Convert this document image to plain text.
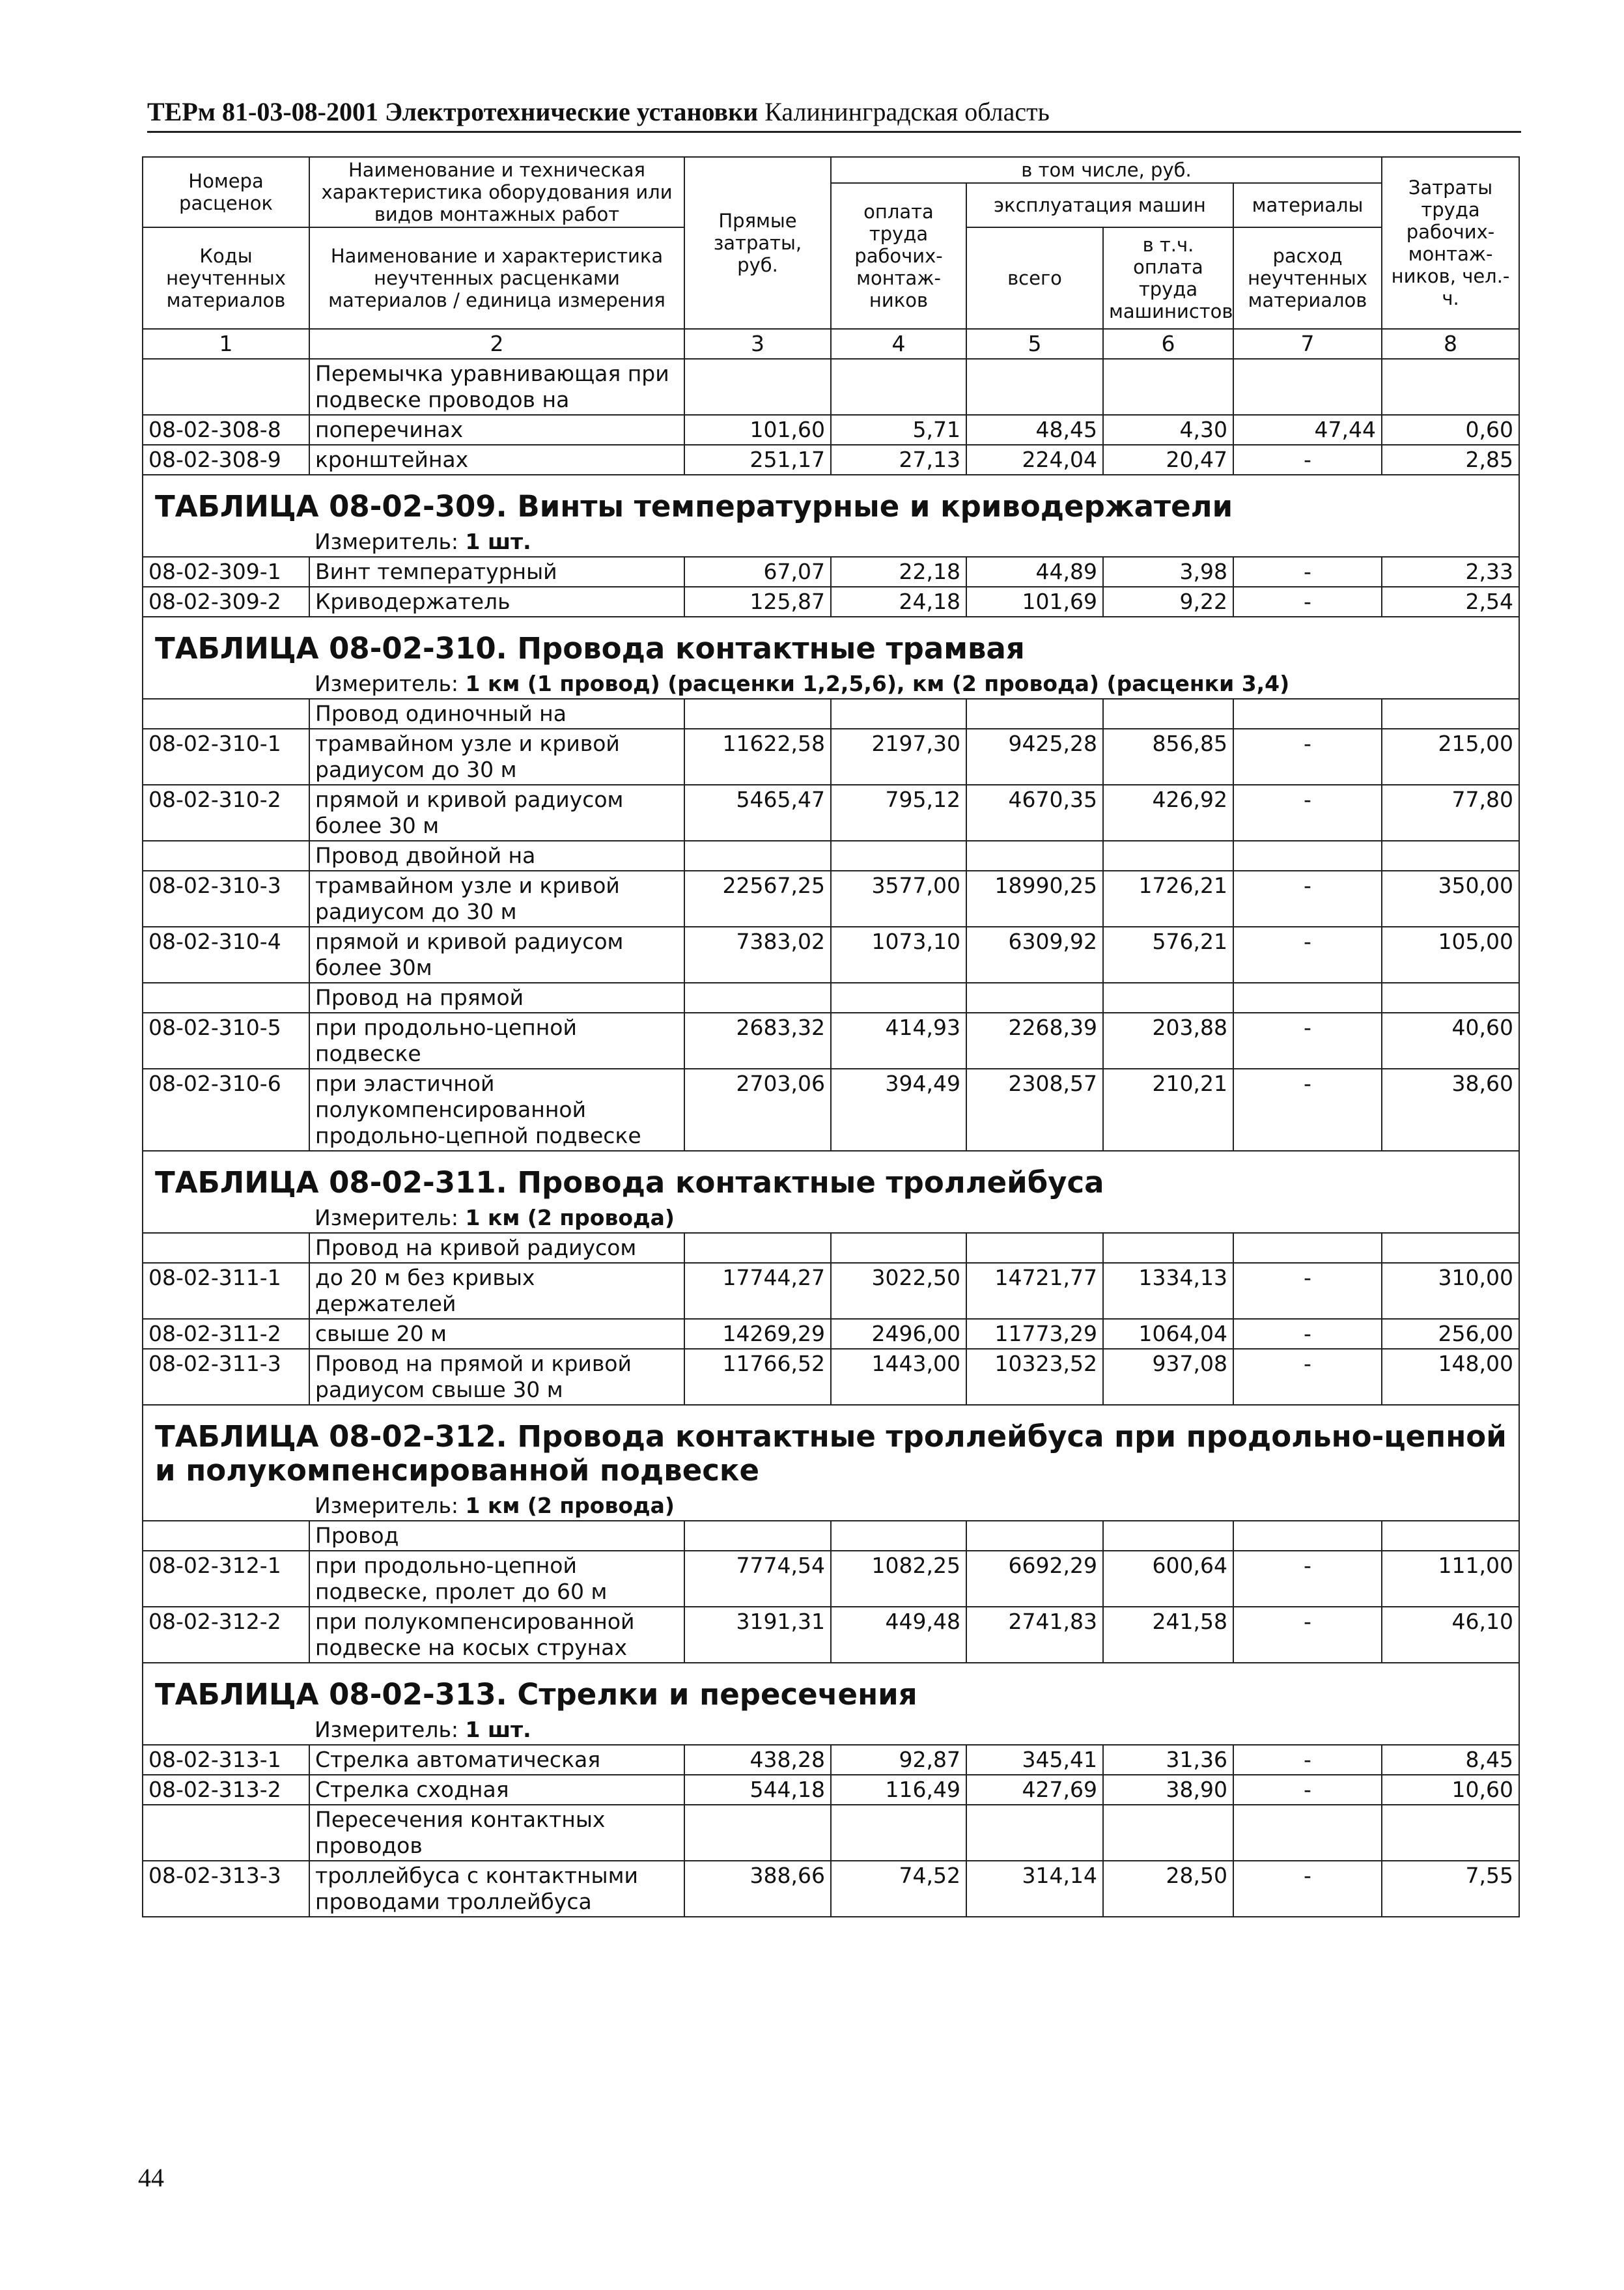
ТЕРм 81-03-08-2001 Электротехнические установки Калининградская область
Номера расценок	Наименование и техническая характеристика оборудования или видов монтажных работ	Прямые затраты, руб.	в том числе, руб.				Затраты труда рабочих-монтаж-ников, чел.-ч.
			оплата труда рабочих-монтаж-ников	эксплуатация машин		материалы	
Коды неучтенных материалов	Наименование и характеристика неучтенных расценками материалов / единица измерения			всего	в т.ч. оплата труда машинистов	расход неучтенных материалов	

1	2	3	4	5	6	7	8
	Перемычка уравнивающая при подвеске проводов на						
08-02-308-8	поперечинах	101,60	5,71	48,45	4,30	47,44	0,60
08-02-308-9	кронштейнах	251,17	27,13	224,04	20,47	-	2,85
ТАБЛИЦА 08-02-309. Винты температурные и криводержатели							
	Измеритель: 1 шт.						
08-02-309-1	Винт температурный	67,07	22,18	44,89	3,98	-	2,33
08-02-309-2	Криводержатель	125,87	24,18	101,69	9,22	-	2,54
ТАБЛИЦА 08-02-310. Провода контактные трамвая							
	Измеритель: 1 км (1 провод) (расценки 1,2,5,6), км (2 провода) (расценки 3,4)						
	Провод одиночный на						
08-02-310-1	трамвайном узле и кривой радиусом до 30 м	11622,58	2197,30	9425,28	856,85	-	215,00
08-02-310-2	прямой и кривой радиусом более 30 м	5465,47	795,12	4670,35	426,92	-	77,80
	Провод двойной на						
08-02-310-3	трамвайном узле и кривой радиусом до 30 м	22567,25	3577,00	18990,25	1726,21	-	350,00
08-02-310-4	прямой и кривой радиусом более 30м	7383,02	1073,10	6309,92	576,21	-	105,00
	Провод на прямой						
08-02-310-5	при продольно-цепной подвеске	2683,32	414,93	2268,39	203,88	-	40,60
08-02-310-6	при эластичной полукомпенсированной продольно-цепной подвеске	2703,06	394,49	2308,57	210,21	-	38,60
ТАБЛИЦА 08-02-311. Провода контактные троллейбуса							
	Измеритель: 1 км (2 провода)						
	Провод на кривой радиусом						
08-02-311-1	до 20 м без кривых держателей	17744,27	3022,50	14721,77	1334,13	-	310,00
08-02-311-2	свыше 20 м	14269,29	2496,00	11773,29	1064,04	-	256,00
08-02-311-3	Провод на прямой и кривой радиусом свыше 30 м	11766,52	1443,00	10323,52	937,08	-	148,00
ТАБЛИЦА 08-02-312. Провода контактные троллейбуса при продольно-цепной и полукомпенсированной подвеске							
	Измеритель: 1 км (2 провода)						
	Провод						
08-02-312-1	при продольно-цепной подвеске, пролет до 60 м	7774,54	1082,25	6692,29	600,64	-	111,00
08-02-312-2	при полукомпенсированной подвеске на косых струнах	3191,31	449,48	2741,83	241,58	-	46,10
ТАБЛИЦА 08-02-313. Стрелки и пересечения							
	Измеритель: 1 шт.						
08-02-313-1	Стрелка автоматическая	438,28	92,87	345,41	31,36	-	8,45
08-02-313-2	Стрелка сходная	544,18	116,49	427,69	38,90	-	10,60
	Пересечения контактных проводов						
08-02-313-3	троллейбуса с контактными проводами троллейбуса	388,66	74,52	314,14	28,50	-	7,55
44
